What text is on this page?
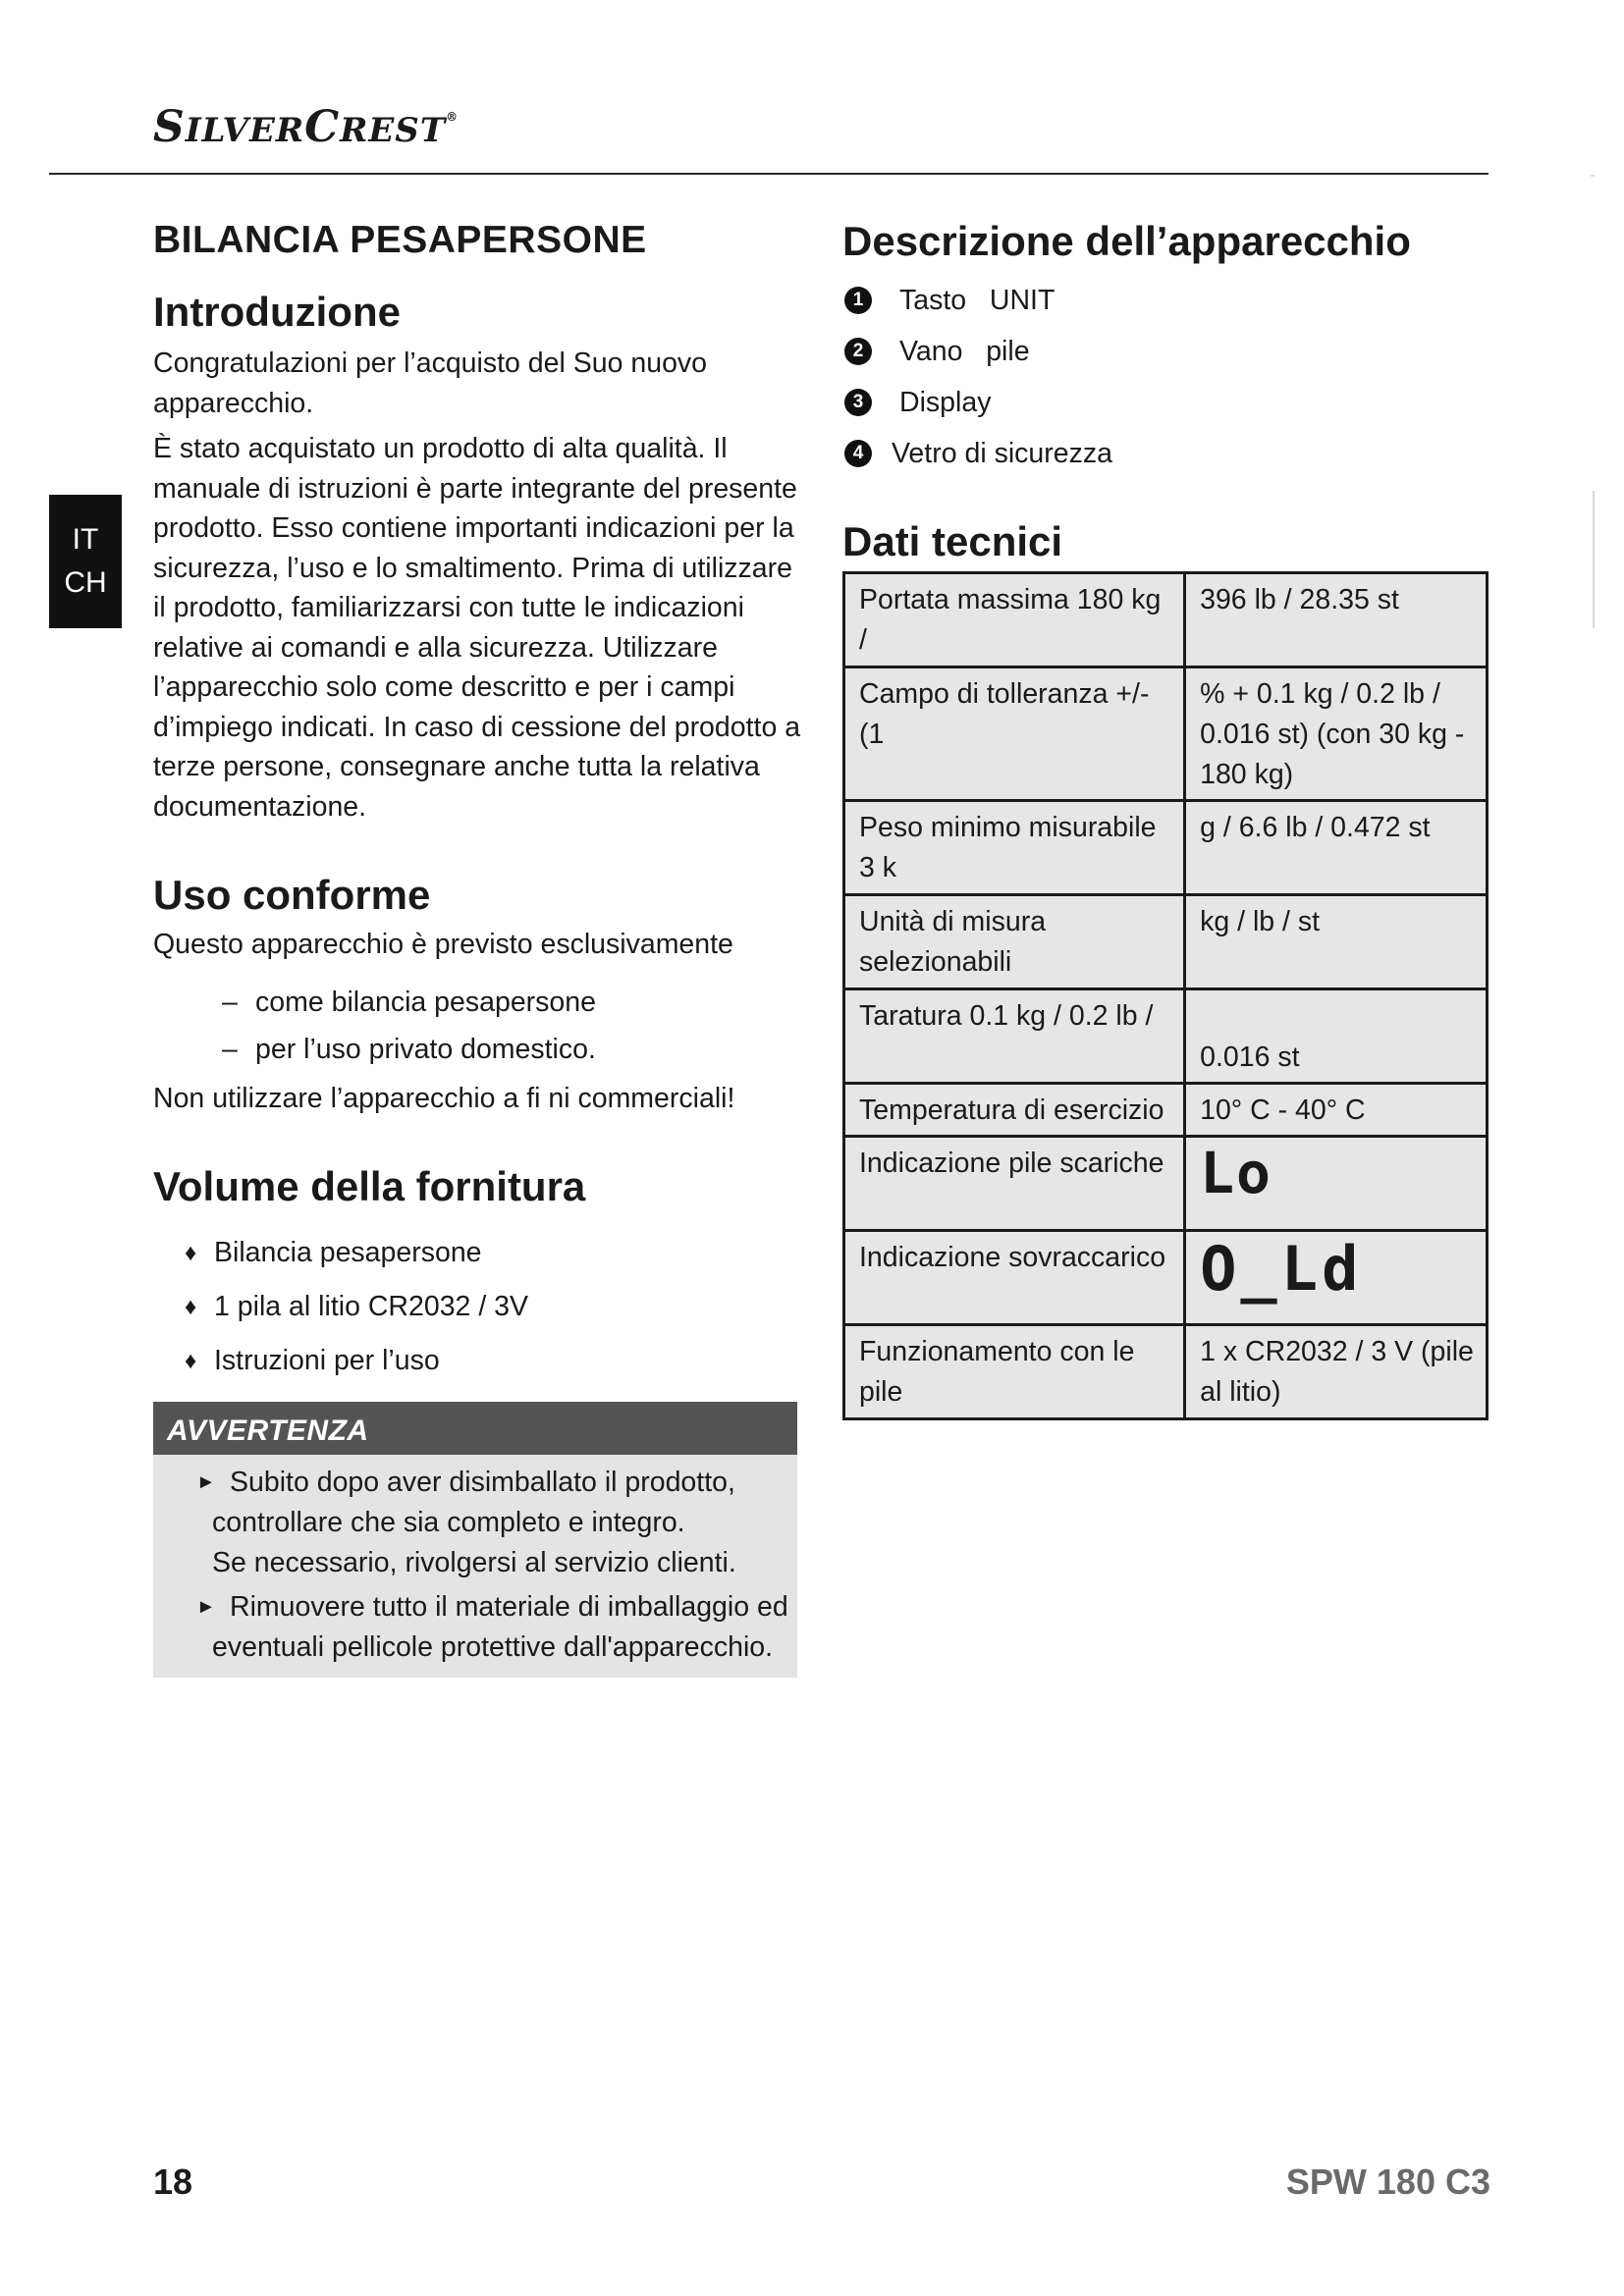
SILVERCREST®
IT
CH
BILANCIA PESAPERSONE
Introduzione

Congratulazioni per l’acquisto del Suo nuovo apparecchio.

È stato acquistato un prodotto di alta qualità. Il manuale di istruzioni è parte integrante del presente prodotto. Esso contiene importanti indicazioni per la sicurezza, l’uso e lo smaltimento. Prima di utilizzare il prodotto, familiarizzarsi con tutte le indicazioni relative ai comandi e alla sicurezza. Utilizzare l’apparecchio solo come descritto e per i campi d’impiego indicati. In caso di cessione del prodotto a terze persone, consegnare anche tutta la relativa documentazione.

Uso conforme

Questo apparecchio è previsto esclusivamente

– come bilancia pesapersone
– per l’uso privato domestico.

Non utilizzare l’apparecchio a fi ni commerciali!

Volume della fornitura
♦ Bilancia pesapersone
♦ 1 pila al litio CR2032 / 3V
♦ Istruzioni per l’uso
AVVERTENZA
► Subito dopo aver disimballato il prodotto,
controllare che sia completo e integro.
Se necessario, rivolgersi al servizio clienti.
► Rimuovere tutto il materiale di imballaggio ed
eventuali pellicole protettive dall'apparecchio.
Descrizione dell’apparecchio
1	Tasto   UNIT
2	Vano   pile
3	Display
4	Vetro di sicurezza
Dati tecnici
Portata massima 180 kg /	396 lb / 28.35 st
Campo di tolleranza +/- (1	% + 0.1 kg / 0.2 lb / 0.016 st) (con 30 kg - 180 kg)
Peso minimo misurabile 3 k	g / 6.6 lb / 0.472 st
Unità di misura selezionabili	kg / lb / st
Taratura 0.1 kg / 0.2 lb /	0.016 st
Temperatura di esercizio	10° C - 40° C
Indicazione pile scariche	Lo
Indicazione sovraccarico	O_Ld
Funzionamento con le pile	1 x CR2032 / 3 V (pile al litio)
18	SPW 180 C3
